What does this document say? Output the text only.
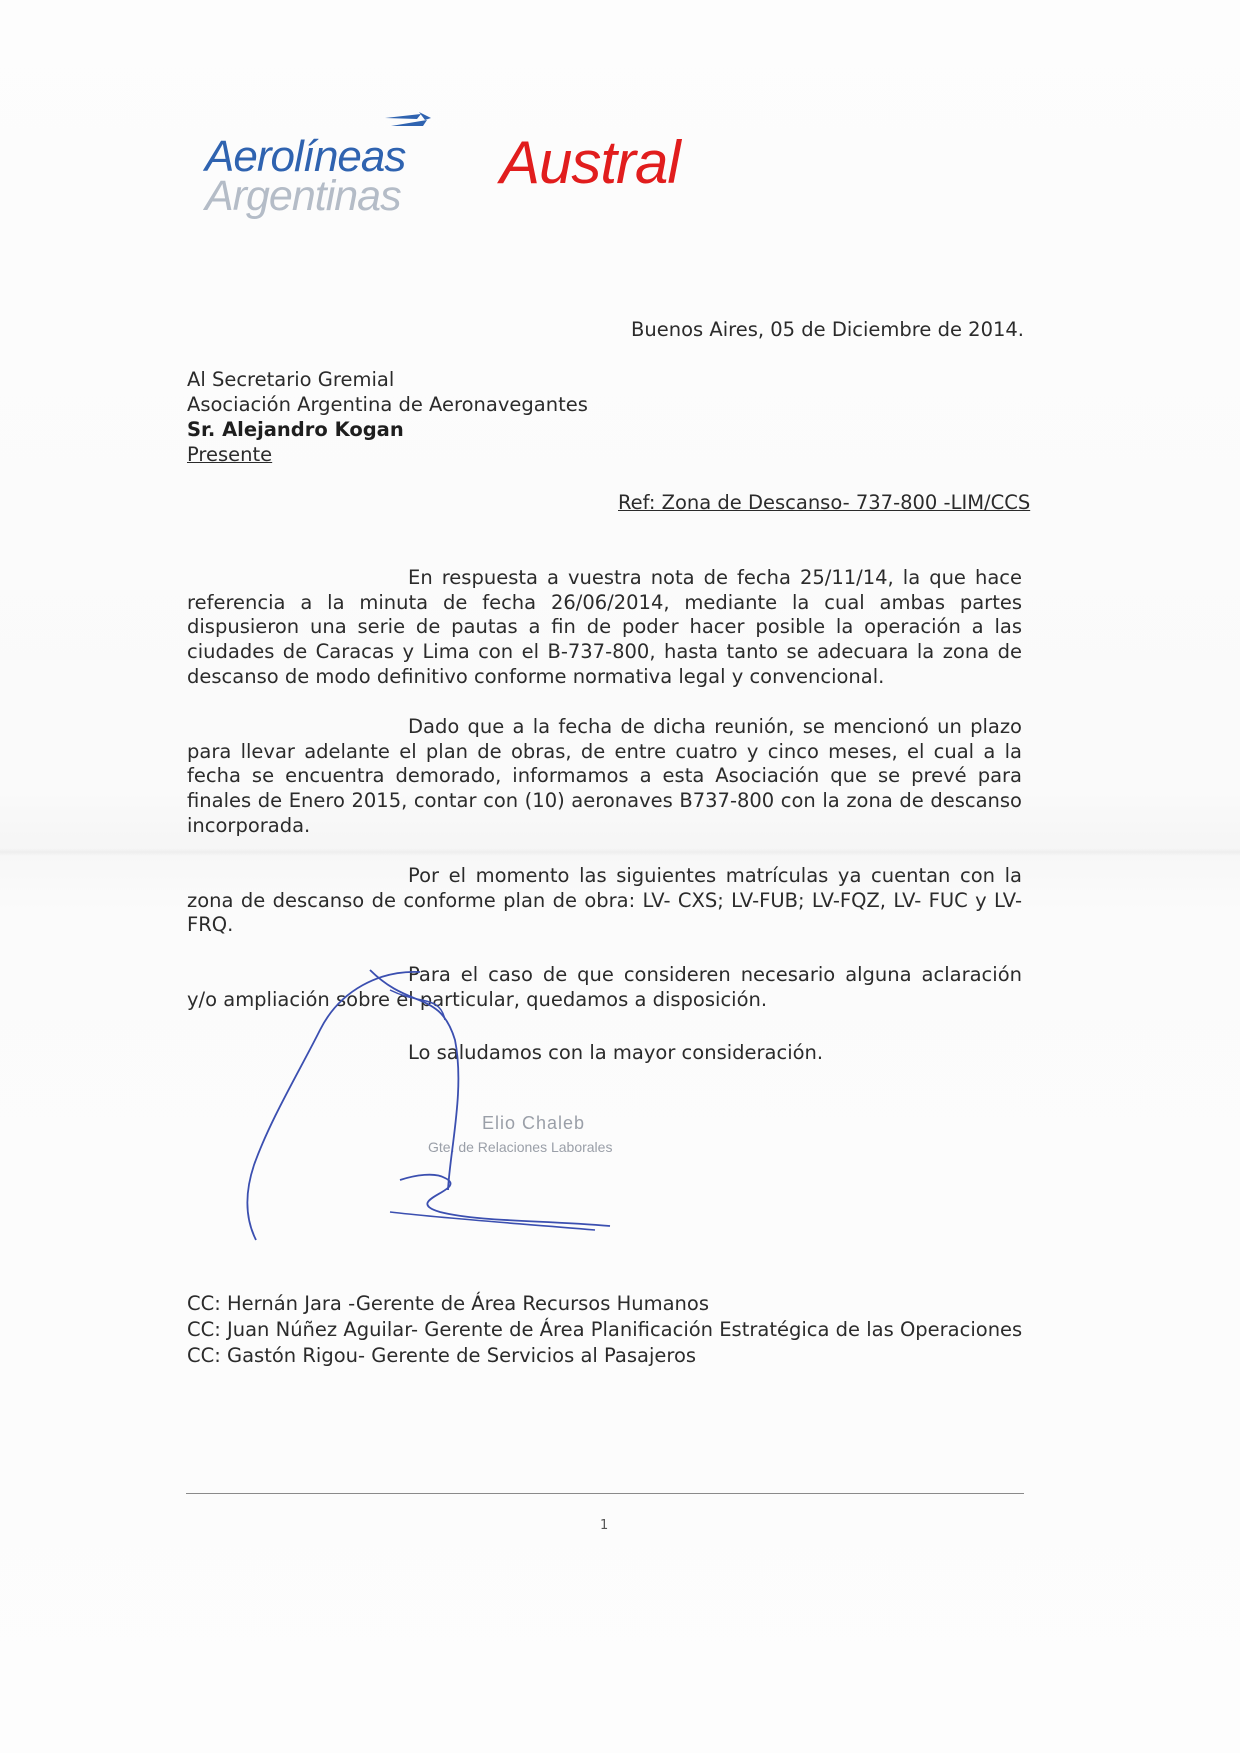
Aerolíneas
Argentinas Austral
Buenos Aires, 05 de Diciembre de 2014.
Al Secretario Gremial
Asociación Argentina de Aeronavegantes
Sr. Alejandro Kogan
Presente
Ref: Zona de Descanso- 737-800 -LIM/CCS
En respuesta a vuestra nota de fecha 25/11/14, la que hace
referencia a la minuta de fecha 26/06/2014, mediante la cual ambas partes
dispusieron una serie de pautas a fin de poder hacer posible la operación a las
ciudades de Caracas y Lima con el B-737-800, hasta tanto se adecuara la zona de
descanso de modo definitivo conforme normativa legal y convencional.
Dado que a la fecha de dicha reunión, se mencionó un plazo
para llevar adelante el plan de obras, de entre cuatro y cinco meses, el cual a la
fecha se encuentra demorado, informamos a esta Asociación que se prevé para
finales de Enero 2015, contar con (10) aeronaves B737-800 con la zona de descanso
incorporada.
Por el momento las siguientes matrículas ya cuentan con la
zona de descanso de conforme plan de obra: LV- CXS; LV-FUB; LV-FQZ, LV- FUC y LV-
FRQ.
Para el caso de que consideren necesario alguna aclaración
y/o ampliación sobre el particular, quedamos a disposición.
Lo saludamos con la mayor consideración.
Elio Chaleb
Gte. de Relaciones Laborales
CC: Hernán Jara -Gerente de Área Recursos Humanos
CC: Juan Núñez Aguilar- Gerente de Área Planificación Estratégica de las Operaciones
CC: Gastón Rigou- Gerente de Servicios al Pasajeros
1
